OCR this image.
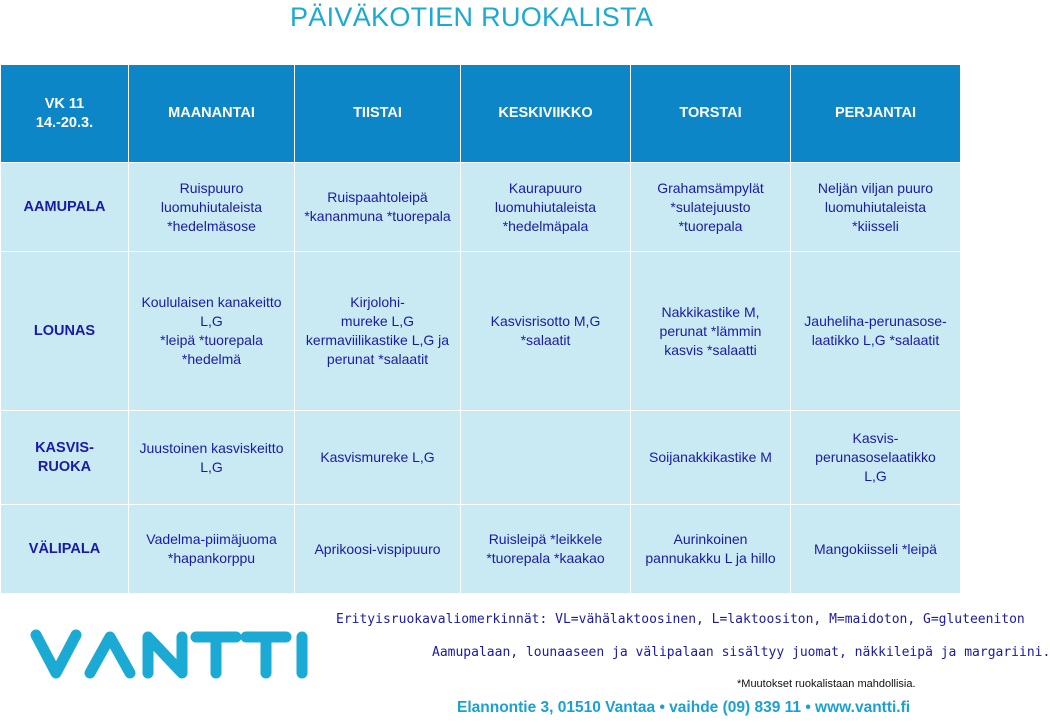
PÄIVÄKOTIEN RUOKALISTA
VK 11
14.-20.3.	MAANANTAI	TIISTAI	KESKIVIIKKO	TORSTAI	PERJANTAI

AAMUPALA	Ruispuuro
luomuhiutaleista
*hedelmäsose	Ruispaahtoleipä
*kananmuna *tuorepala	Kaurapuuro
luomuhiutaleista
*hedelmäpala	Grahamsämpylät
*sulatejuusto
*tuorepala	Neljän viljan puuro
luomuhiutaleista
*kiisseli

LOUNAS	Koululaisen kanakeitto L,G
*leipä *tuorepala
*hedelmä	Kirjolohi-
mureke L,G
kermaviilikastike L,G ja
perunat *salaatit	Kasvisrisotto M,G
*salaatit	Nakkikastike M,
perunat *lämmin
kasvis *salaatti	Jauheliha-perunasose-
laatikko L,G *salaatit

KASVIS-
RUOKA	Juustoinen kasviskeitto
L,G	Kasvismureke L,G		Soijanakkikastike M	Kasvis-
perunasoselaatikko
L,G

VÄLIPALA	Vadelma-piimäjuoma
*hapankorppu	Aprikoosi-vispipuuro	Ruisleipä *leikkele
*tuorepala *kaakao	Aurinkoinen
pannukakku L ja hillo	Mangokiisseli *leipä
Erityisruokavaliomerkinnät: VL=vähälaktoosinen, L=laktoositon, M=maidoton, G=gluteeniton
Aamupalaan, lounaaseen ja välipalaan sisältyy juomat, näkkileipä ja margariini.
*Muutokset ruokalistaan mahdollisia.
Elannontie 3, 01510 Vantaa • vaihde (09) 839 11 • www.vantti.fi
